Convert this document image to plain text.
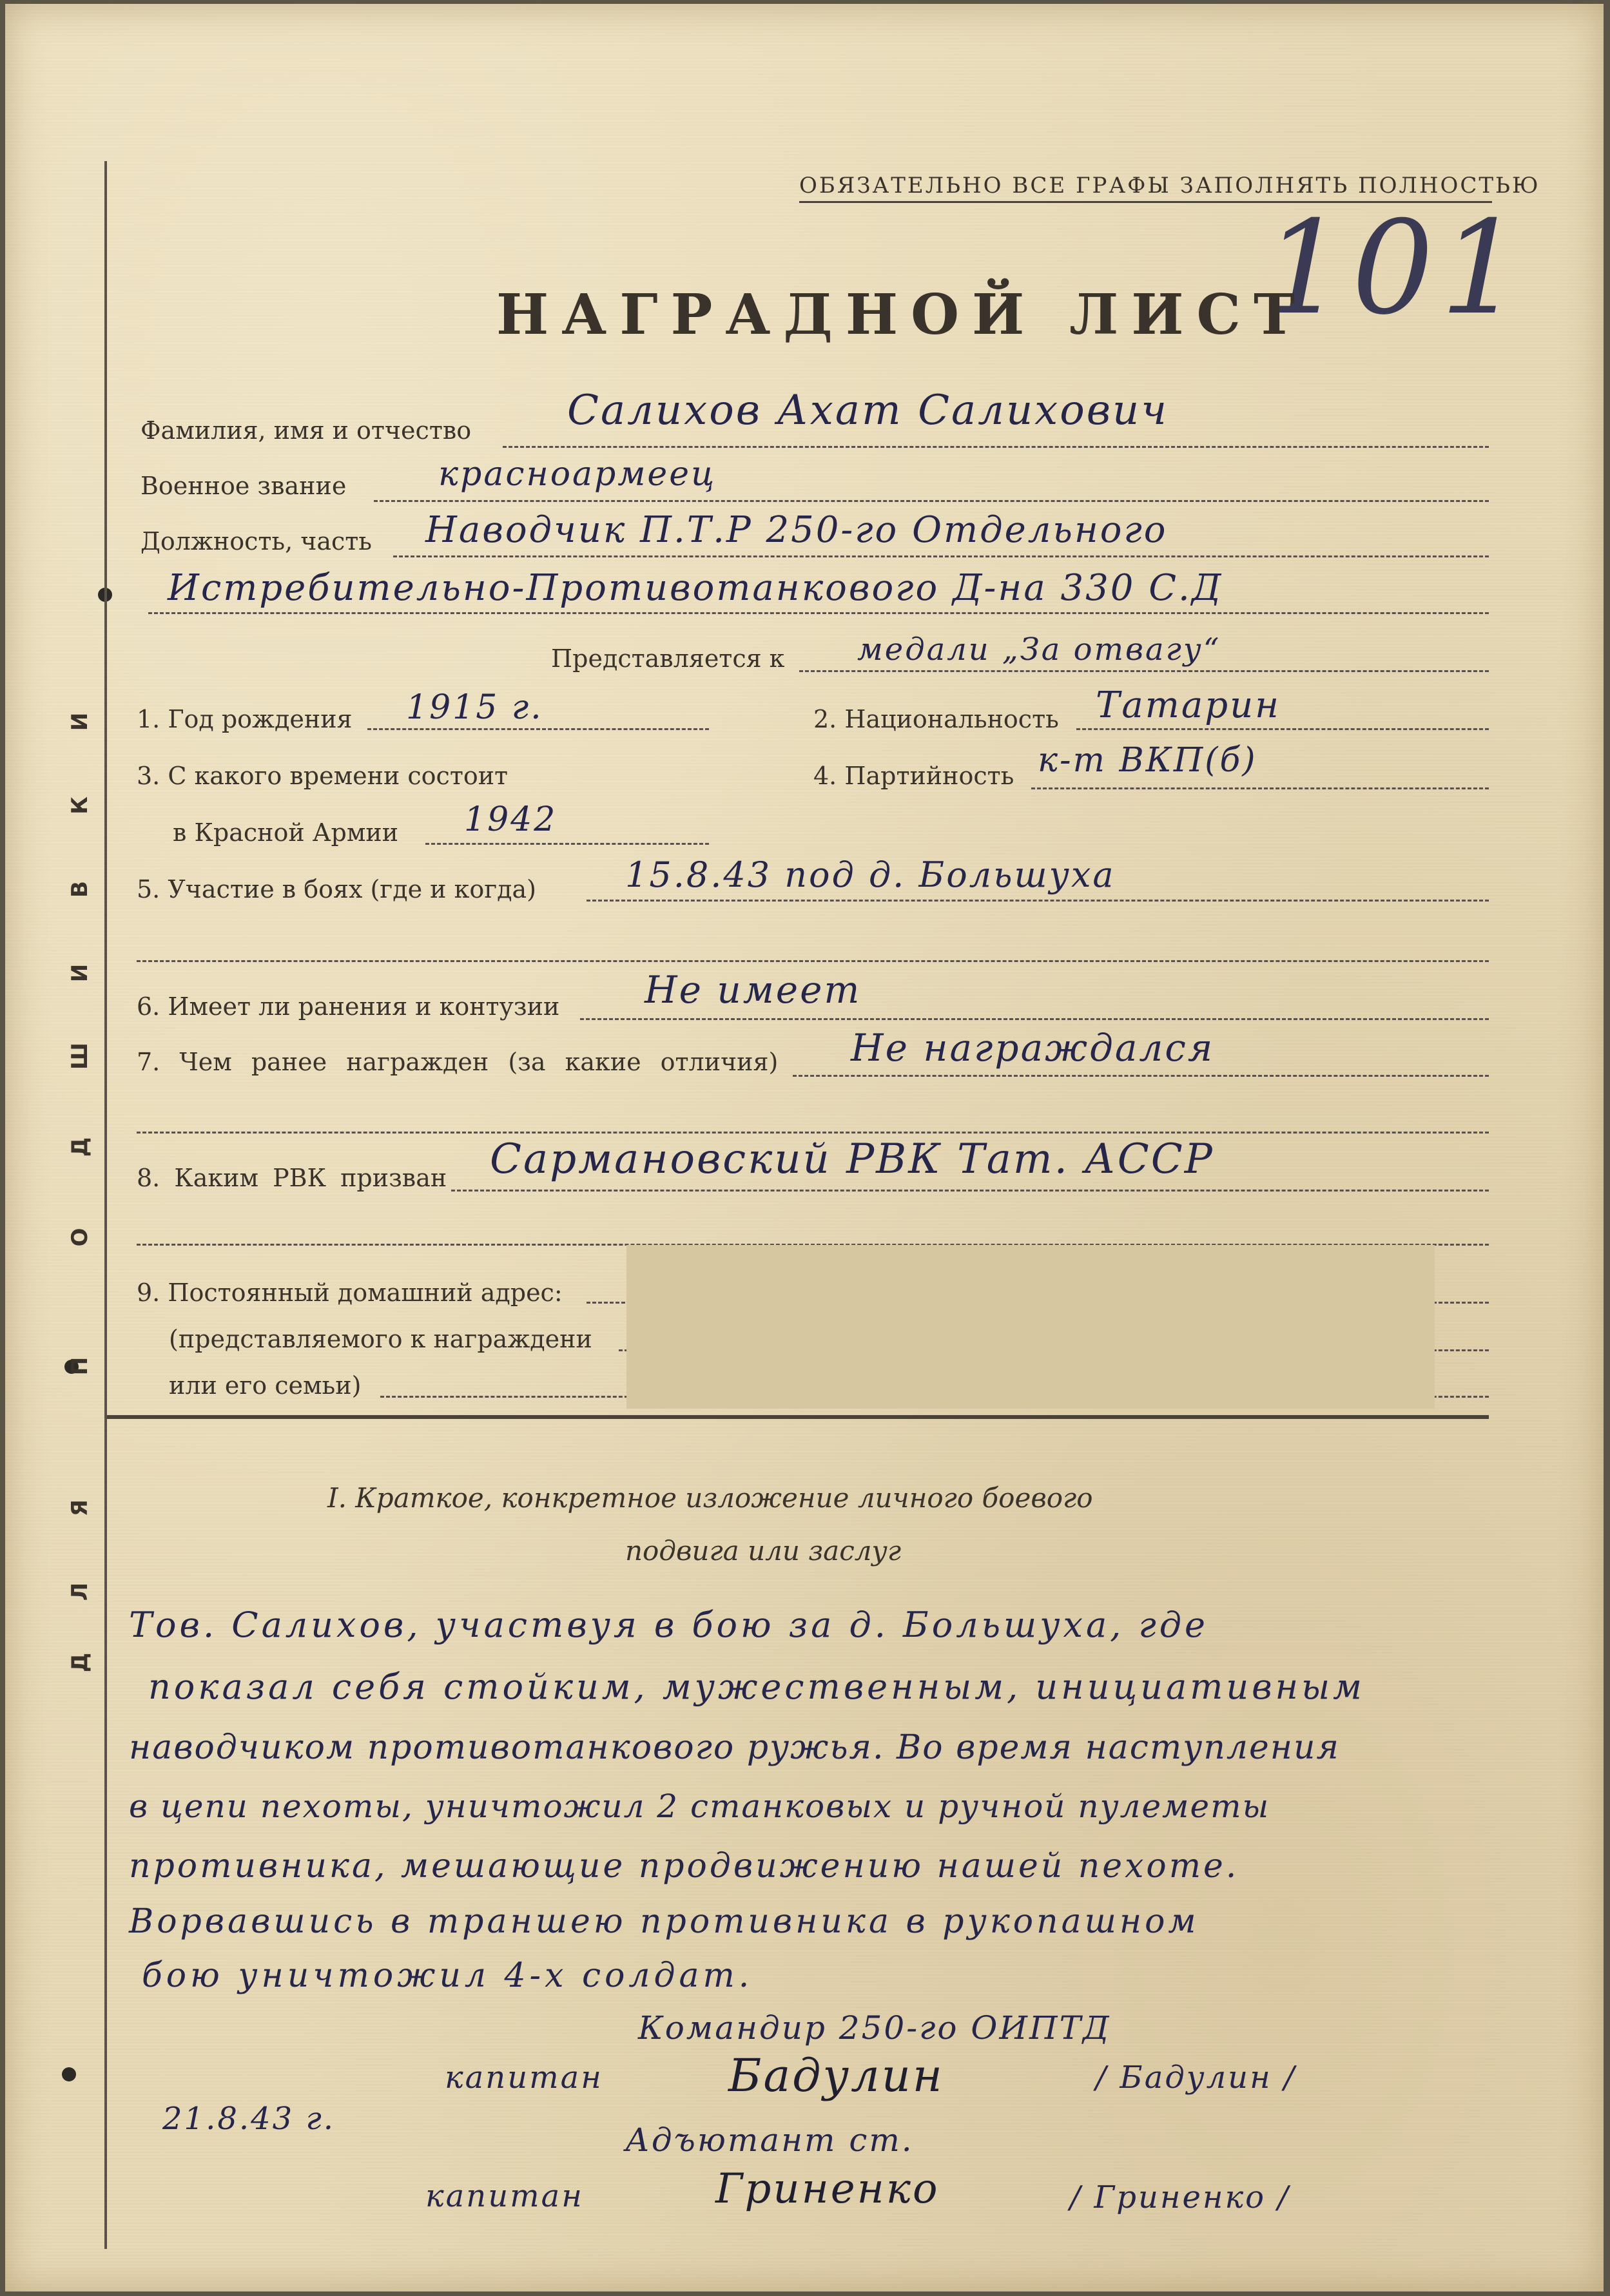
Д
Л
Я
П
О
Д
Ш
И
В
К
И
ОБЯЗАТЕЛЬНО ВСЕ ГРАФЫ ЗАПОЛНЯТЬ ПОЛНОСТЬЮ
101
НАГРАДНОЙ ЛИСТ
Фамилия, имя и отчество Салихов Ахат Салихович
Военное звание	красноармеец
Должность, часть Наводчик П.Т.Р 250-го Отдельного
Истребительно-Противотанкового Д-на 330 С.Д
Представляется к медали „За отвагу“
1. Год рождения 1915 г.	2. Национальность Татарин
3. С какого времени состоит
в Красной Армии 1942
4. Партийность к-т ВКП(б)
5. Участие в боях (где и когда)	15.8.43 под д. Большуха
6. Имеет ли ранения и контузии Не имеет
7. Чем ранее награжден (за какие отличия) Не награждался
8. Каким РВК призван Сармановский РВК Тат. АССР
9. Постоянный домашний адрес:
(представляемого к награждени
или его семьи)
I. Краткое, конкретное изложение личного боевого
подвига или заслуг
Тов. Салихов, участвуя в бою за д. Большуха, где
показал себя стойким, мужественным, инициативным
наводчиком противотанкового ружья. Во время наступления
в цепи пехоты, уничтожил 2 станковых и ручной пулеметы
противника, мешающие продвижению нашей пехоте.
Ворвавшись в траншею противника в рукопашном
бою уничтожил 4-х солдат.
Командир 250-го ОИПТД
капитан	Бадулин	/ Бадулин /
21.8.43 г.
Адъютант ст.
капитан	Гриненко	/ Гриненко /
